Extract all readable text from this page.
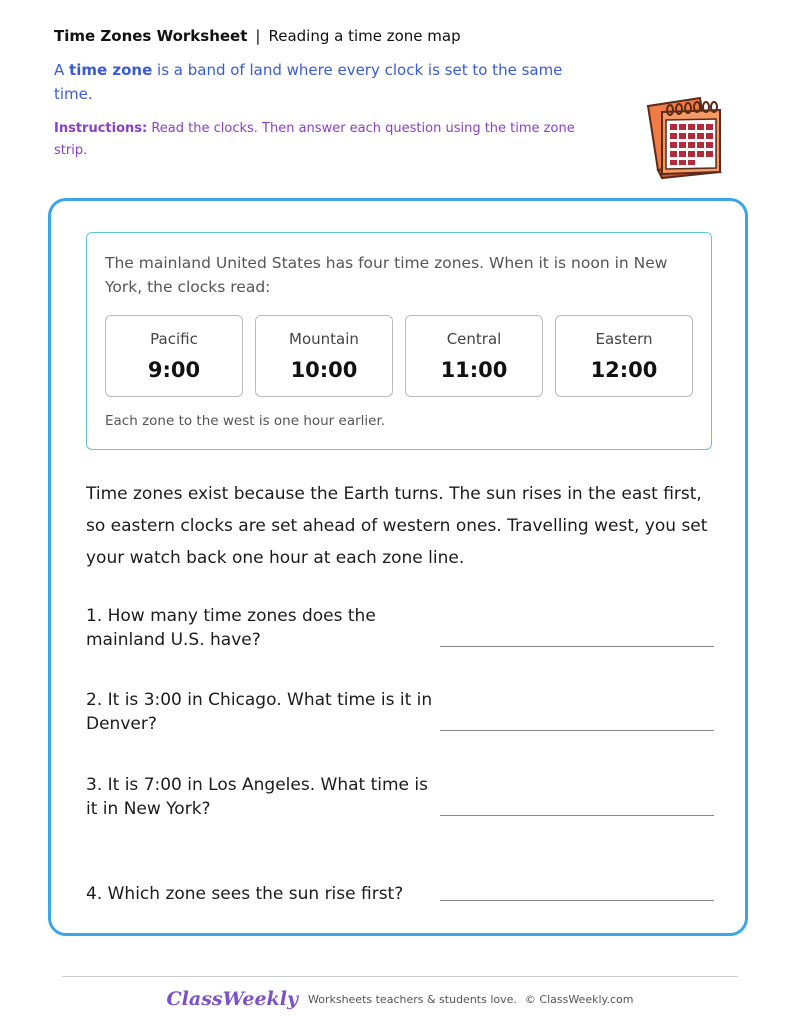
Time Zones Worksheet | Reading a time zone map
A time zone is a band of land where every clock is set to the same time.
Instructions: Read the clocks. Then answer each question using the time zone strip.
The mainland United States has four time zones. When it is noon in New York, the clocks read:
Pacific
9:00
Mountain
10:00
Central
11:00
Eastern
12:00
Each zone to the west is one hour earlier.
Time zones exist because the Earth turns. The sun rises in the east first, so eastern clocks are set ahead of western ones. Travelling west, you set your watch back one hour at each zone line.
1. How many time zones does the mainland U.S. have?
2. It is 3:00 in Chicago. What time is it in Denver?
3. It is 7:00 in Los Angeles. What time is it in New York?
4. Which zone sees the sun rise first?
ClassWeekly Worksheets teachers & students love. © ClassWeekly.com
